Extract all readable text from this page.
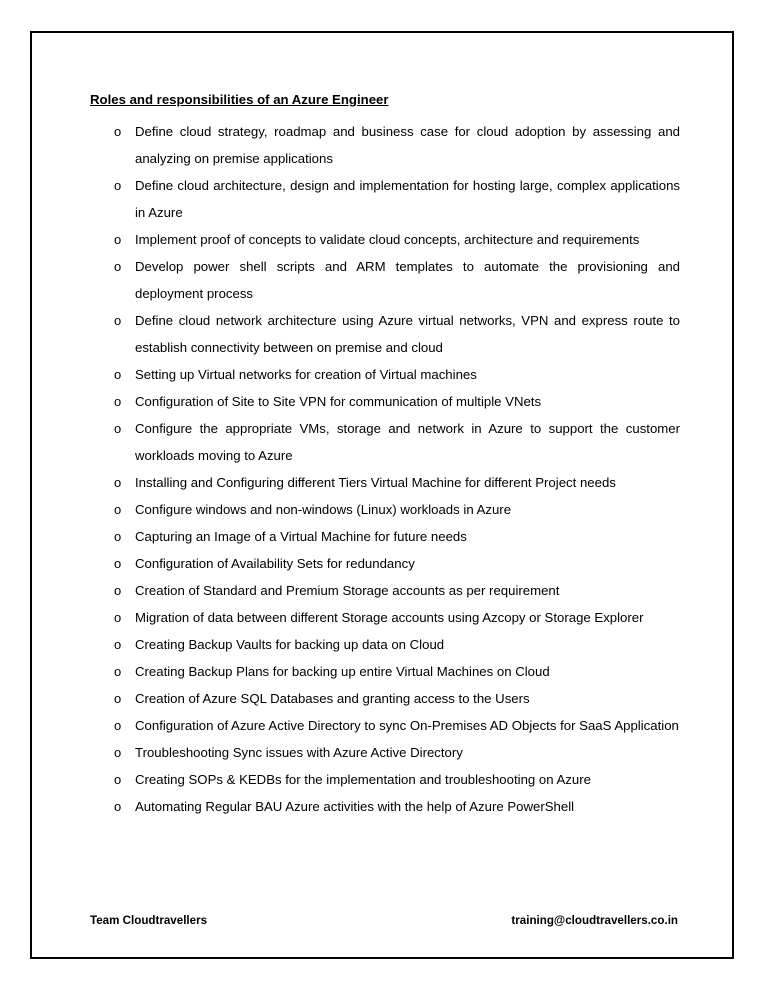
Roles and responsibilities of an Azure Engineer
o Define cloud strategy, roadmap and business case for cloud adoption by assessing and analyzing on premise applications
o Define cloud architecture, design and implementation for hosting large, complex applications in Azure
o Implement proof of concepts to validate cloud concepts, architecture and requirements
o Develop power shell scripts and ARM templates to automate the provisioning and deployment process
o Define cloud network architecture using Azure virtual networks, VPN and express route to establish connectivity between on premise and cloud
o Setting up Virtual networks for creation of Virtual machines
o Configuration of Site to Site VPN for communication of multiple VNets
o Configure the appropriate VMs, storage and network in Azure to support the customer workloads moving to Azure
o Installing and Configuring different Tiers Virtual Machine for different Project needs
o Configure windows and non-windows (Linux) workloads in Azure
o Capturing an Image of a Virtual Machine for future needs
o Configuration of Availability Sets for redundancy
o Creation of Standard and Premium Storage accounts as per requirement
o Migration of data between different Storage accounts using Azcopy or Storage Explorer
o Creating Backup Vaults for backing up data on Cloud
o Creating Backup Plans for backing up entire Virtual Machines on Cloud
o Creation of Azure SQL Databases and granting access to the Users
o Configuration of Azure Active Directory to sync On-Premises AD Objects for SaaS Application
o Troubleshooting Sync issues with Azure Active Directory
o Creating SOPs & KEDBs for the implementation and troubleshooting on Azure
o Automating Regular BAU Azure activities with the help of Azure PowerShell
Team Cloudtravellers	training@cloudtravellers.co.in
